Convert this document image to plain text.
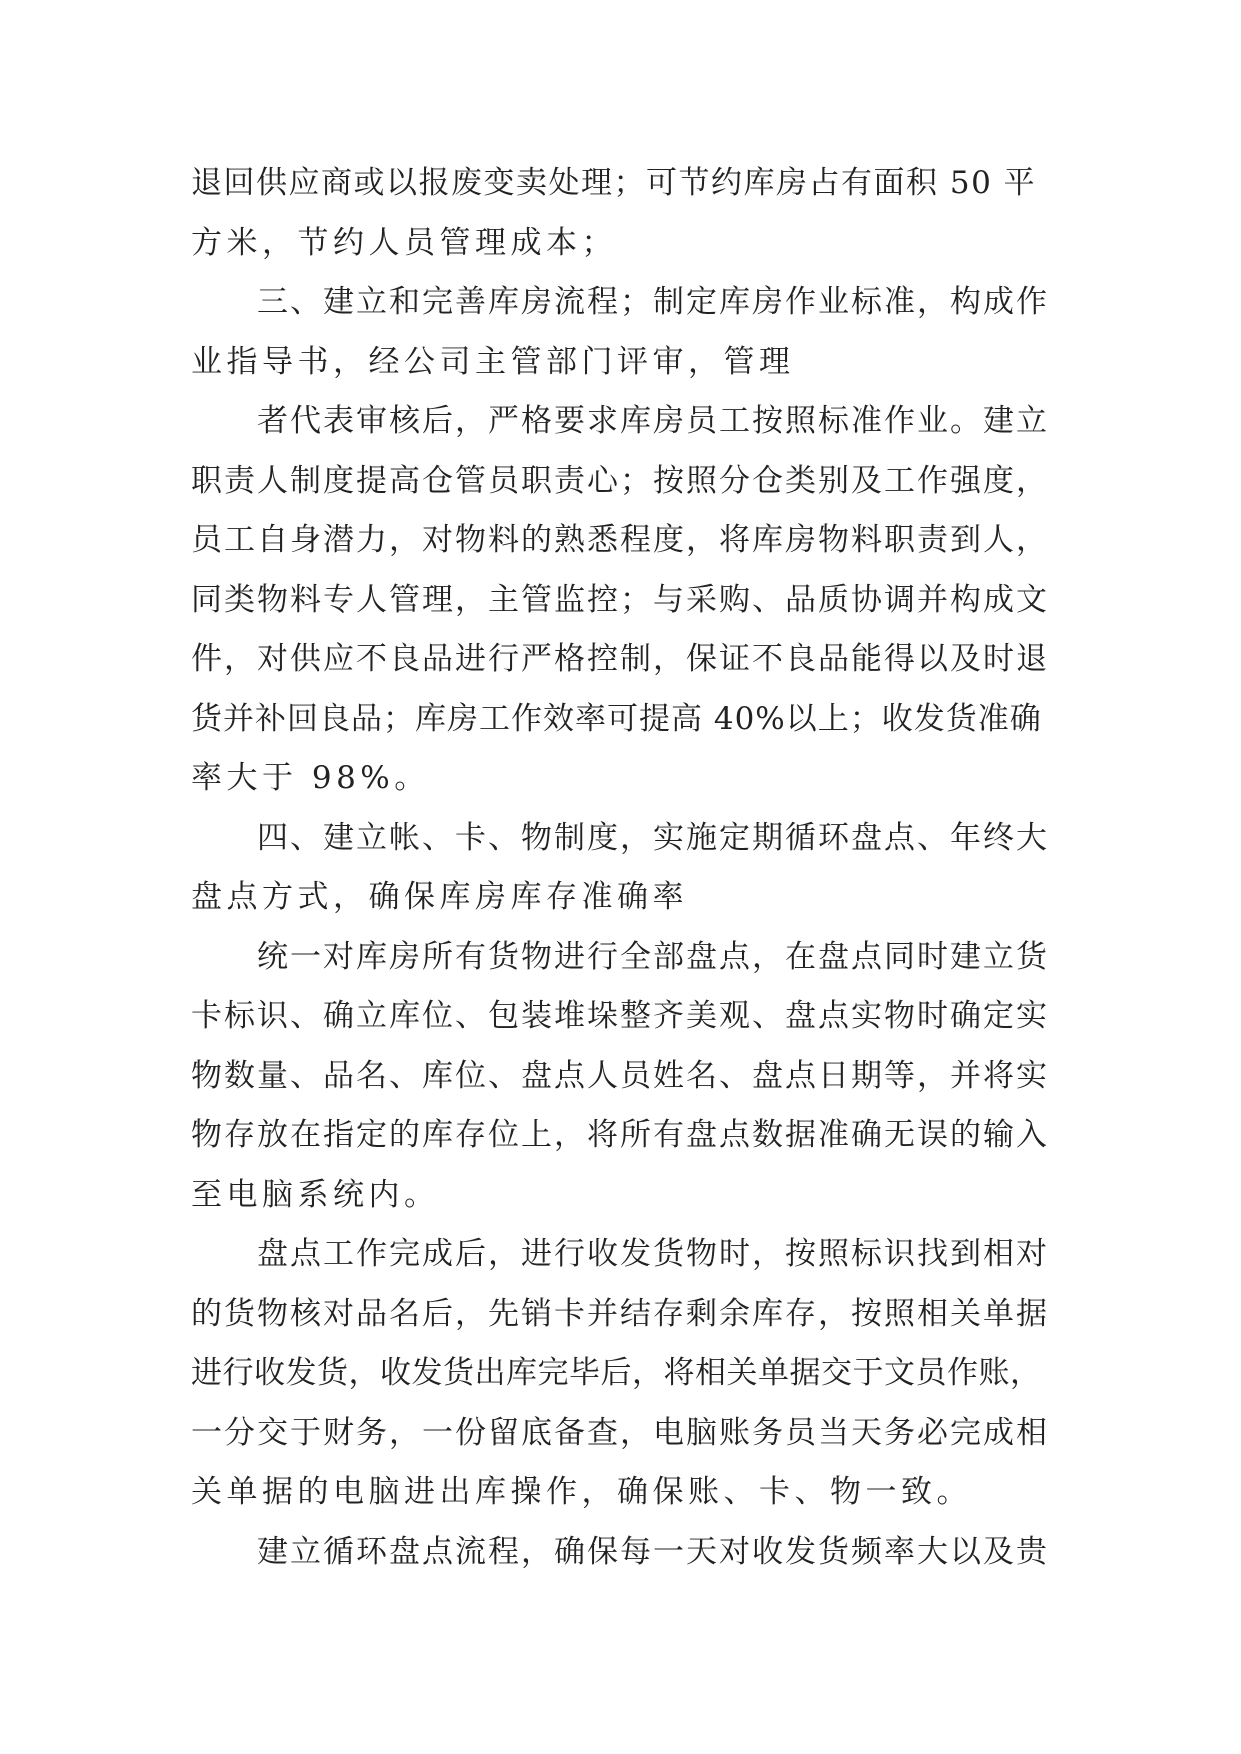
退回供应商或以报废变卖处理；可节约库房占有面积 50 平
方米，节约人员管理成本；
三、建立和完善库房流程；制定库房作业标准，构成作
业指导书，经公司主管部门评审，管理
者代表审核后，严格要求库房员工按照标准作业。建立
职责人制度提高仓管员职责心；按照分仓类别及工作强度，
员工自身潜力，对物料的熟悉程度，将库房物料职责到人，
同类物料专人管理，主管监控；与采购、品质协调并构成文
件，对供应不良品进行严格控制，保证不良品能得以及时退
货并补回良品；库房工作效率可提高 40%以上；收发货准确
率大于 98%。
四、建立帐、卡、物制度，实施定期循环盘点、年终大
盘点方式，确保库房库存准确率
统一对库房所有货物进行全部盘点，在盘点同时建立货
卡标识、确立库位、包装堆垛整齐美观、盘点实物时确定实
物数量、品名、库位、盘点人员姓名、盘点日期等，并将实
物存放在指定的库存位上，将所有盘点数据准确无误的输入
至电脑系统内。
盘点工作完成后，进行收发货物时，按照标识找到相对
的货物核对品名后，先销卡并结存剩余库存，按照相关单据
进行收发货，收发货出库完毕后，将相关单据交于文员作账，
一分交于财务，一份留底备查，电脑账务员当天务必完成相
关单据的电脑进出库操作，确保账、卡、物一致。
建立循环盘点流程，确保每一天对收发货频率大以及贵
